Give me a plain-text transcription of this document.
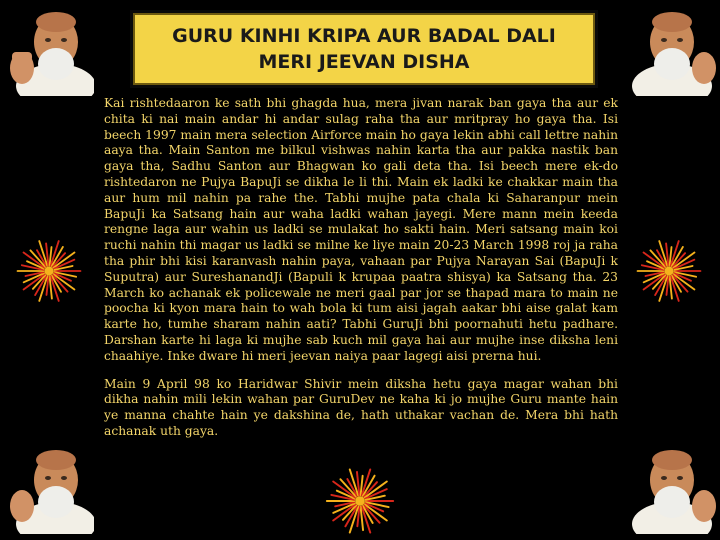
GURU KINHI KRIPA AUR BADAL DALI
MERI JEEVAN DISHA

Kai rishtedaaron ke sath bhi ghagda hua, mera jivan narak ban gaya tha aur ek chita ki nai main andar hi andar sulag raha tha aur mritpray ho gaya tha. Isi beech 1997 main mera selection Airforce main ho gaya lekin abhi call lettre nahin aaya tha. Main Santon me bilkul vishwas nahin karta tha aur pakka nastik ban gaya tha, Sadhu Santon aur Bhagwan ko gali deta tha. Isi beech mere ek-do rishtedaron ne Pujya BapuJi se dikha le li thi. Main ek ladki ke chakkar main tha aur hum mil nahin pa rahe the. Tabhi mujhe pata chala ki Saharanpur mein BapuJi ka Satsang hain aur waha ladki wahan jayegi. Mere mann mein keeda rengne laga aur wahin us ladki se mulakat ho sakti hain. Meri satsang main koi ruchi nahin thi magar us ladki se milne ke liye main 20-23 March 1998 roj ja raha tha phir bhi kisi karanvash nahin paya, vahaan par Pujya Narayan Sai (BapuJi k Suputra) aur SureshanandJi (Bapuli k krupaa paatra shisya) ka Satsang tha. 23 March ko achanak ek policewale ne meri gaal par jor se thapad mara to main ne poocha ki kyon mara hain to wah bola ki tum aisi jagah aakar bhi aise galat kam karte ho, tumhe sharam nahin aati? Tabhi GuruJi bhi poornahuti hetu padhare. Darshan karte hi laga ki mujhe sab kuch mil gaya hai aur mujhe inse diksha leni chaahiye. Inke dware hi meri jeevan naiya paar lagegi aisi prerna hui.

Main 9 April 98 ko Haridwar Shivir mein diksha hetu gaya magar wahan bhi dikha nahin mili lekin wahan par GuruDev ne kaha ki jo mujhe Guru mante hain ye manna chahte hain ye dakshina de, hath uthakar vachan de. Mera bhi hath achanak uth gaya.
